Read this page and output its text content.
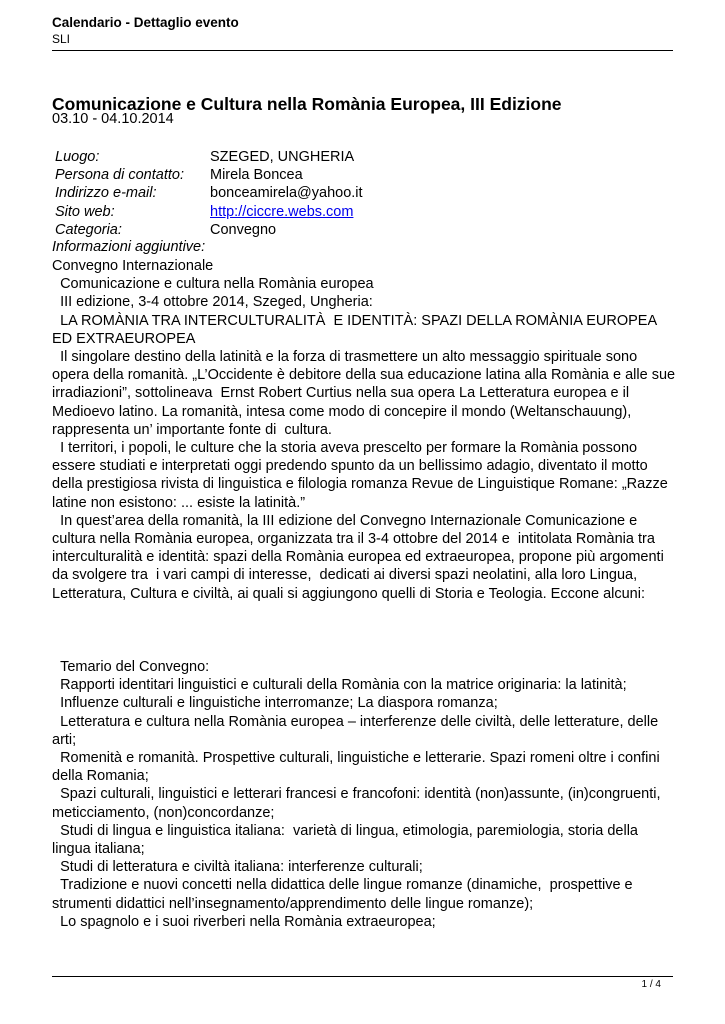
Calendario - Dettaglio evento
SLI
Comunicazione e Cultura nella Romània Europea, III Edizione
03.10 - 04.10.2014
Luogo:	SZEGED, UNGHERIA
Persona di contatto:	Mirela Boncea
Indirizzo e-mail:	bonceamirela@yahoo.it
Sito web:	http://ciccre.webs.com
Categoria:	Convegno
Informazioni aggiuntive:

Convegno Internazionale

Comunicazione e cultura nella Romània europea

III edizione, 3-4 ottobre 2014, Szeged, Ungheria:

LA ROMÀNIA TRA INTERCULTURALITÀ  E IDENTITÀ: SPAZI DELLA ROMÀNIA EUROPEA ED EXTRAEUROPEA

Il singolare destino della latinità e la forza di trasmettere un alto messaggio spirituale sono opera della romanità. „L’Occidente è debitore della sua educazione latina alla Romània e alle sue irradiazioni”, sottolineava  Ernst Robert Curtius nella sua opera La Letteratura europea e il Medioevo latino. La romanità, intesa come modo di concepire il mondo (Weltanschauung), rappresenta un’ importante fonte di  cultura.

I territori, i popoli, le culture che la storia aveva prescelto per formare la Romània possono essere studiati e interpretati oggi predendo spunto da un bellissimo adagio, diventato il motto della prestigiosa rivista di linguistica e filologia romanza Revue de Linguistique Romane: „Razze latine non esistono: ... esiste la latinità.”

In quest’area della romanità, la III edizione del Convegno Internazionale Comunicazione e cultura nella Romània europea, organizzata tra il 3-4 ottobre del 2014 e  intitolata Romània tra interculturalità e identità: spazi della Romània europea ed extraeuropea, propone più argomenti da svolgere tra  i vari campi di interesse,  dedicati ai diversi spazi neolatini, alla loro Lingua, Letteratura, Cultura e civiltà, ai quali si aggiungono quelli di Storia e Teologia. Eccone alcuni:

Temario del Convegno:

Rapporti identitari linguistici e culturali della Romània con la matrice originaria: la latinità;

Influenze culturali e linguistiche interromanze; La diaspora romanza;

Letteratura e cultura nella Romània europea – interferenze delle civiltà, delle letterature, delle arti;

Romenità e romanità. Prospettive culturali, linguistiche e letterarie. Spazi romeni oltre i confini della Romania;

Spazi culturali, linguistici e letterari francesi e francofoni: identità (non)assunte, (in)congruenti, meticciamento, (non)concordanze;

Studi di lingua e linguistica italiana:  varietà di lingua, etimologia, paremiologia, storia della lingua italiana;

Studi di letteratura e civiltà italiana: interferenze culturali;

Tradizione e nuovi concetti nella didattica delle lingue romanze (dinamiche,  prospettive e strumenti didattici nell’insegnamento/apprendimento delle lingue romanze);

Lo spagnolo e i suoi riverberi nella Romània extraeuropea;

1 / 4
